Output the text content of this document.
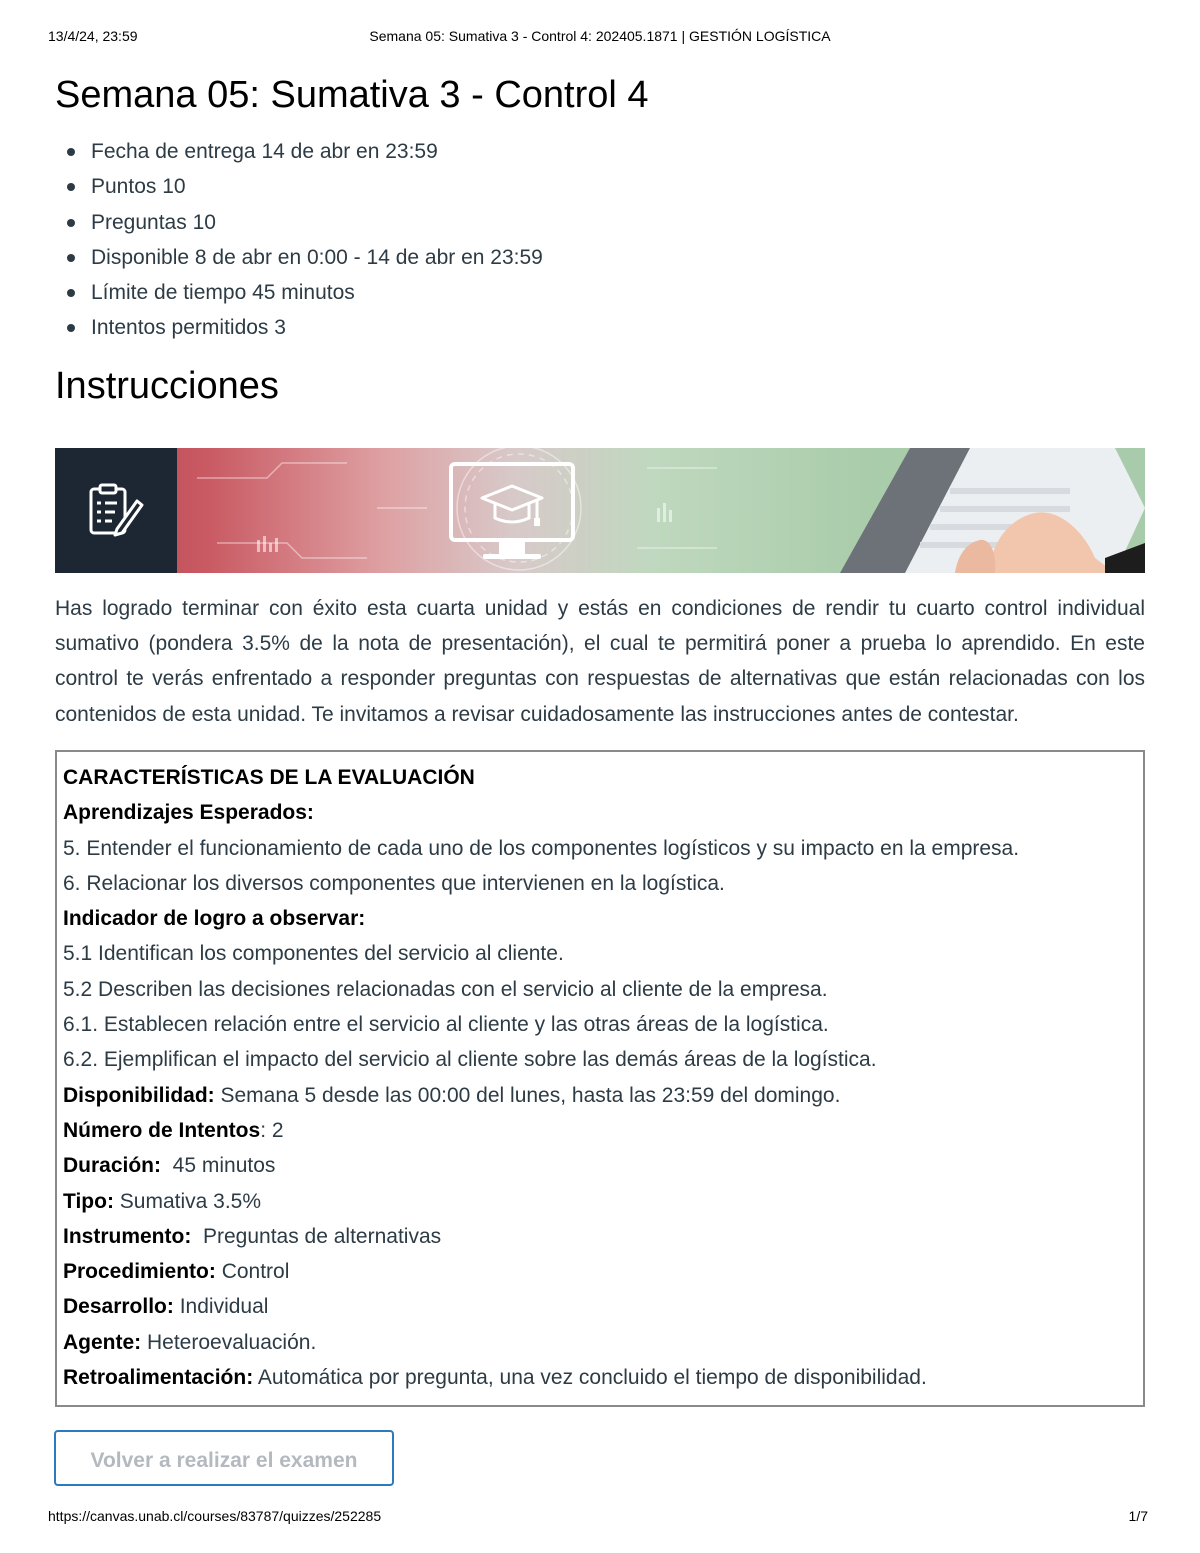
13/4/24, 23:59	Semana 05: Sumativa 3 - Control 4: 202405.1871 | GESTIÓN LOGÍSTICA
Semana 05: Sumativa 3 - Control 4
Fecha de entrega 14 de abr en 23:59
Puntos 10
Preguntas 10
Disponible 8 de abr en 0:00 - 14 de abr en 23:59
Límite de tiempo 45 minutos
Intentos permitidos 3
Instrucciones

Has logrado terminar con éxito esta cuarta unidad y estás en condiciones de rendir tu cuarto control individual sumativo (pondera 3.5% de la nota de presentación), el cual te permitirá poner a prueba lo aprendido. En este control te verás enfrentado a responder preguntas con respuestas de alternativas que están relacionadas con los contenidos de esta unidad. Te invitamos a revisar cuidadosamente las instrucciones antes de contestar.

CARACTERÍSTICAS DE LA EVALUACIÓN
Aprendizajes Esperados:
5. Entender el funcionamiento de cada uno de los componentes logísticos y su impacto en la empresa.
6. Relacionar los diversos componentes que intervienen en la logística.
Indicador de logro a observar:
5.1 Identifican los componentes del servicio al cliente.
5.2 Describen las decisiones relacionadas con el servicio al cliente de la empresa.
6.1. Establecen relación entre el servicio al cliente y las otras áreas de la logística.
6.2. Ejemplifican el impacto del servicio al cliente sobre las demás áreas de la logística.
Disponibilidad: Semana 5 desde las 00:00 del lunes, hasta las 23:59 del domingo.
Número de Intentos: 2
Duración:  45 minutos
Tipo: Sumativa 3.5%
Instrumento:  Preguntas de alternativas
Procedimiento: Control
Desarrollo: Individual
Agente: Heteroevaluación.
Retroalimentación: Automática por pregunta, una vez concluido el tiempo de disponibilidad.
Volver a realizar el examen
https://canvas.unab.cl/courses/83787/quizzes/252285	1/7
